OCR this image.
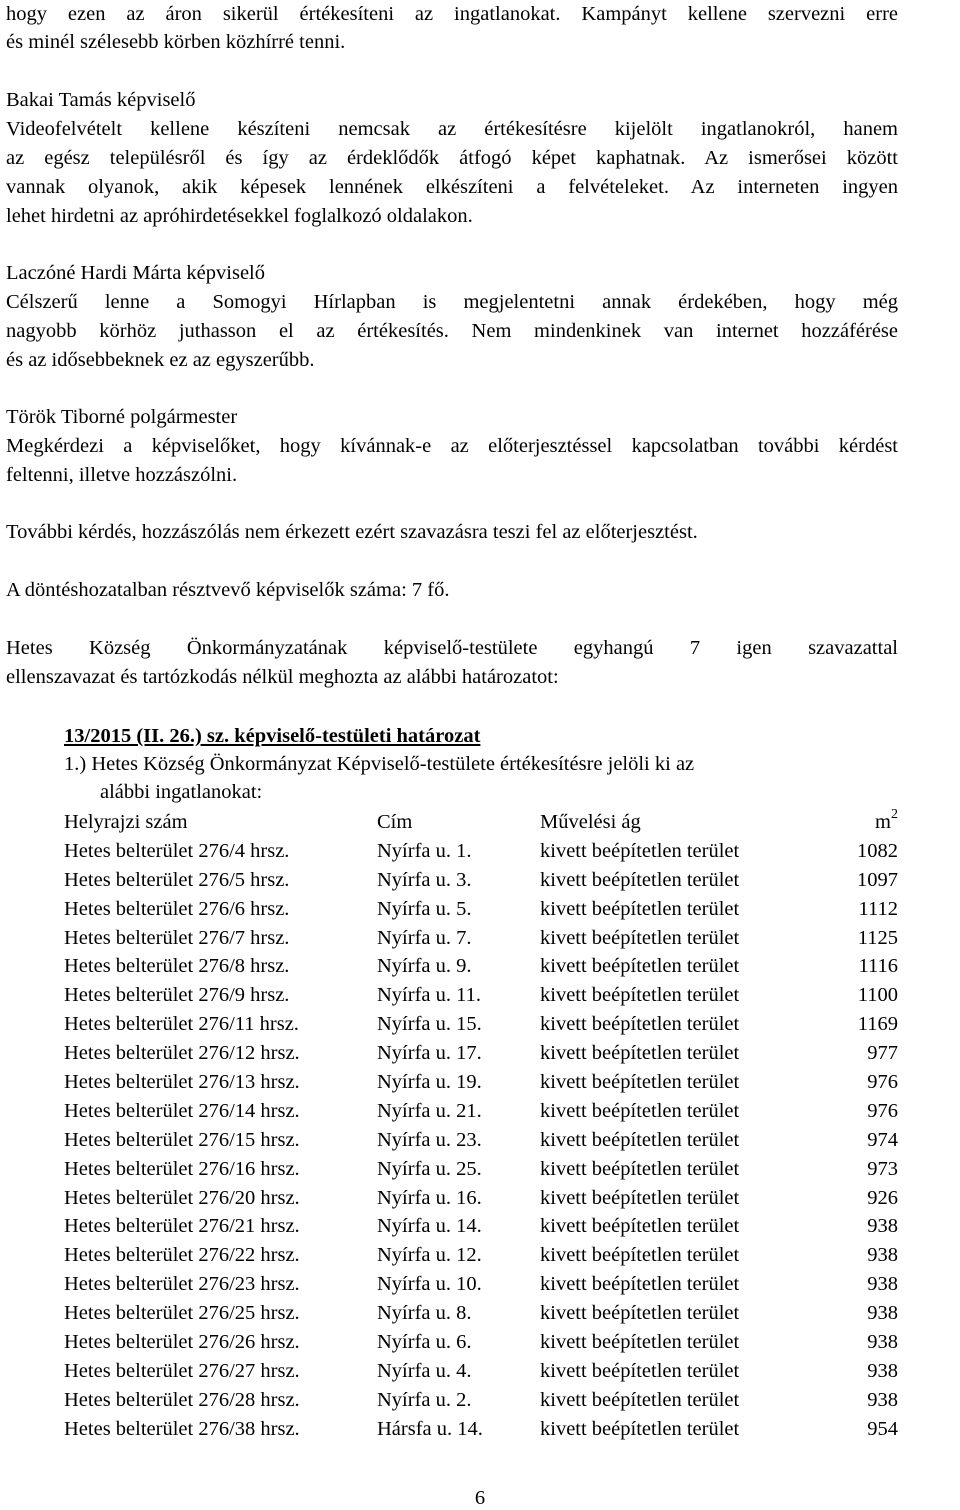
hogy ezen az áron sikerül értékesíteni az ingatlanokat. Kampányt kellene szervezni erre
és minél szélesebb körben közhírré tenni.
Bakai Tamás képviselő
Videofelvételt kellene készíteni nemcsak az értékesítésre kijelölt ingatlanokról, hanem
az egész településről és így az érdeklődők átfogó képet kaphatnak. Az ismerősei között
vannak olyanok, akik képesek lennének elkészíteni a felvételeket. Az interneten ingyen
lehet hirdetni az apróhirdetésekkel foglalkozó oldalakon.
Laczóné Hardi Márta képviselő
Célszerű lenne a Somogyi Hírlapban is megjelentetni annak érdekében, hogy még
nagyobb körhöz juthasson el az értékesítés. Nem mindenkinek van internet hozzáférése
és az idősebbeknek ez az egyszerűbb.
Török Tiborné polgármester
Megkérdezi a képviselőket, hogy kívánnak-e az előterjesztéssel kapcsolatban további kérdést
feltenni, illetve hozzászólni.
További kérdés, hozzászólás nem érkezett ezért szavazásra teszi fel az előterjesztést.
A döntéshozatalban résztvevő képviselők száma: 7 fő.
Hetes Község Önkormányzatának képviselő-testülete egyhangú 7 igen szavazattal
ellenszavazat és tartózkodás nélkül meghozta az alábbi határozatot:
13/2015 (II. 26.) sz. képviselő-testületi határozat
1.) Hetes Község Önkormányzat Képviselő-testülete értékesítésre jelöli ki az
alábbi ingatlanokat:
Helyrajzi szám	Cím	Művelési ág	$m^2$
Hetes belterület 276/4 hrsz.	Nyírfa u. 1.	kivett beépítetlen terület	1082
Hetes belterület 276/5 hrsz.	Nyírfa u. 3.	kivett beépítetlen terület	1097
Hetes belterület 276/6 hrsz.	Nyírfa u. 5.	kivett beépítetlen terület	1112
Hetes belterület 276/7 hrsz.	Nyírfa u. 7.	kivett beépítetlen terület	1125
Hetes belterület 276/8 hrsz.	Nyírfa u. 9.	kivett beépítetlen terület	1116
Hetes belterület 276/9 hrsz.	Nyírfa u. 11.	kivett beépítetlen terület	1100
Hetes belterület 276/11 hrsz.	Nyírfa u. 15.	kivett beépítetlen terület	1169
Hetes belterület 276/12 hrsz.	Nyírfa u. 17.	kivett beépítetlen terület	977
Hetes belterület 276/13 hrsz.	Nyírfa u. 19.	kivett beépítetlen terület	976
Hetes belterület 276/14 hrsz.	Nyírfa u. 21.	kivett beépítetlen terület	976
Hetes belterület 276/15 hrsz.	Nyírfa u. 23.	kivett beépítetlen terület	974
Hetes belterület 276/16 hrsz.	Nyírfa u. 25.	kivett beépítetlen terület	973
Hetes belterület 276/20 hrsz.	Nyírfa u. 16.	kivett beépítetlen terület	926
Hetes belterület 276/21 hrsz.	Nyírfa u. 14.	kivett beépítetlen terület	938
Hetes belterület 276/22 hrsz.	Nyírfa u. 12.	kivett beépítetlen terület	938
Hetes belterület 276/23 hrsz.	Nyírfa u. 10.	kivett beépítetlen terület	938
Hetes belterület 276/25 hrsz.	Nyírfa u. 8.	kivett beépítetlen terület	938
Hetes belterület 276/26 hrsz.	Nyírfa u. 6.	kivett beépítetlen terület	938
Hetes belterület 276/27 hrsz.	Nyírfa u. 4.	kivett beépítetlen terület	938
Hetes belterület 276/28 hrsz.	Nyírfa u. 2.	kivett beépítetlen terület	938
Hetes belterület 276/38 hrsz.	Hársfa u. 14.	kivett beépítetlen terület	954
6
